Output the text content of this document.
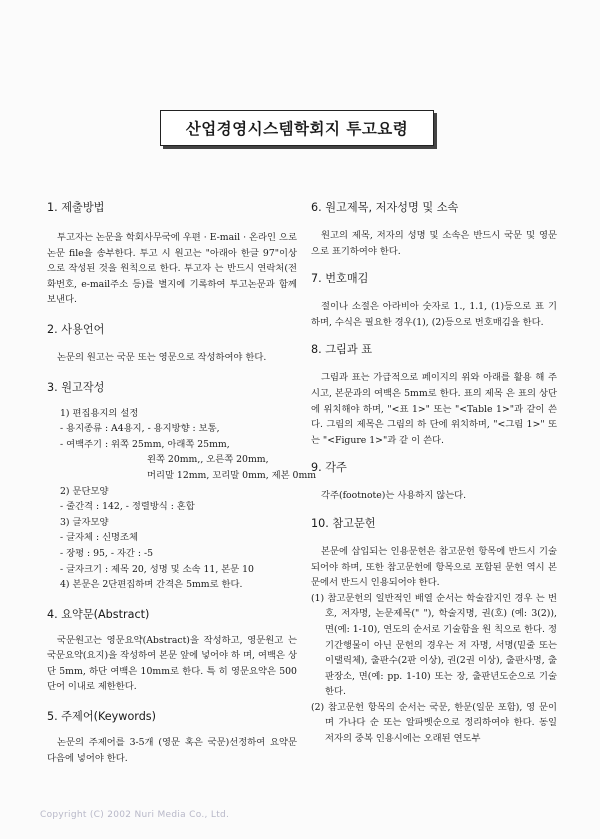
산업경영시스템학회지 투고요령
1. 제출방법

투고자는 논문을 학회사무국에 우편 · E-mail · 온라인 으로 논문 file을 송부한다. 투고 시 원고는 "아래아 한글 97"이상으로 작성된 것을 원칙으로 한다. 투고자 는 반드시 연락처(전화번호, e-mail주소 등)를 별지에 기록하여 투고논문과 함께 보낸다.

2. 사용언어

논문의 원고는 국문 또는 영문으로 작성하여야 한다.

3. 원고작성
1) 편집용지의 설정
- 용지종류 : A4용지, - 용지방향 : 보통,
- 여백주기 : 위쪽 25mm, 아래쪽 25mm,
왼쪽 20mm,, 오른쪽 20mm,
머리말 12mm, 꼬리말 0mm, 제본 0mm
2) 문단모양
- 줄간격 : 142, - 정렬방식 : 혼합
3) 글자모양
- 글자체 : 신명조체
- 장평 : 95, - 자간 : -5
- 글자크기 : 제목 20, 성명 및 소속 11, 본문 10
4) 본문은 2단편집하며 간격은 5mm로 한다.
4. 요약문(Abstract)

국문원고는 영문요약(Abstract)을 작성하고, 영문원고 는 국문요약(요지)을 작성하여 본문 앞에 넣어야 하 며, 여백은 상단 5mm, 하단 여백은 10mm로 한다. 특 히 영문요약은 500단어 이내로 제한한다.

5. 주제어(Keywords)

논문의 주제어를 3-5개 (영문 혹은 국문)선정하여 요약문 다음에 넣어야 한다.

6. 원고제목, 저자성명 및 소속

원고의 제목, 저자의 성명 및 소속은 반드시 국문 및 영문으로 표기하여야 한다.

7. 번호매김

절이나 소절은 아라비아 숫자로 1., 1.1, (1)등으로 표 기하며, 수식은 필요한 경우(1), (2)등으로 번호매김을 한다.

8. 그림과 표

그림과 표는 가급적으로 페이지의 위와 아래를 활용 해 주시고, 본문과의 여백은 5mm로 한다. 표의 제목 은 표의 상단에 위치해야 하며, "<표 1>" 또는 "<Table 1>"과 같이 쓴다. 그림의 제목은 그림의 하 단에 위치하며, "<그림 1>" 또는 "<Figure 1>"과 같 이 쓴다.

9. 각주

각주(footnote)는 사용하지 않는다.

10. 참고문헌

본문에 삽입되는 인용문헌은 참고문헌 항목에 반드시 기술되어야 하며, 또한 참고문헌에 항목으로 포함된 문헌 역시 본문에서 반드시 인용되어야 한다.

(1) 참고문헌의 일반적인 배열 순서는 학술잡지인 경우 는 번호, 저자명, 논문제목(" "), 학술지명, 권(호) (예: 3(2)), 면(예: 1-10), 연도의 순서로 기술함을 원 칙으로 한다. 정기간행물이 아닌 문헌의 경우는 저 자명, 서명(밑줄 또는 이탤릭체), 출판수(2판 이상), 권(2권 이상), 출판사명, 출판장소, 면(예: pp. 1-10) 또는 장, 출판년도순으로 기술한다.

(2) 참고문헌 항목의 순서는 국문, 한문(일문 포함), 영 문이며 가나다 순 또는 알파벳순으로 정리하여야 한다. 동일 저자의 중복 인용시에는 오래된 연도부

Copyright (C) 2002 Nuri Media Co., Ltd.
